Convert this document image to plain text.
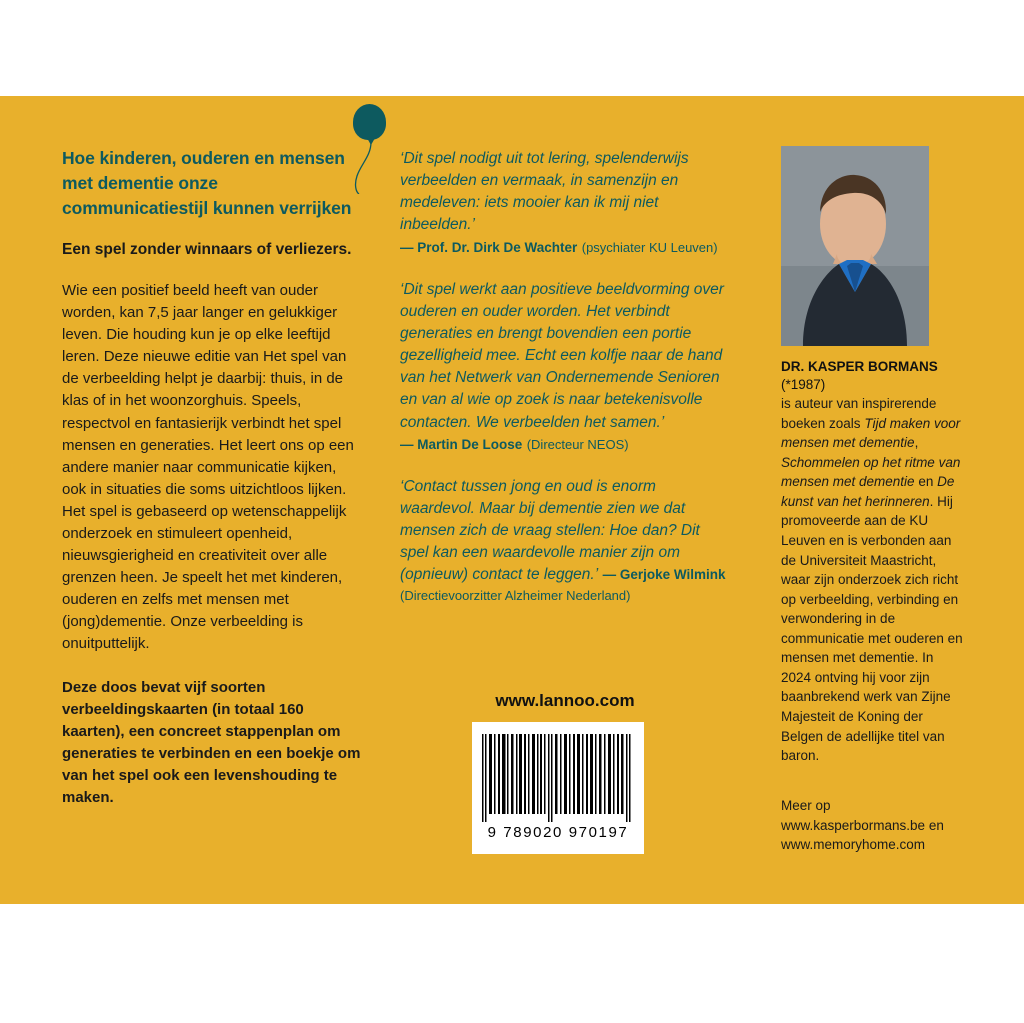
Hoe kinderen, ouderen en mensen met dementie onze communicatiestijl kunnen verrijken

Een spel zonder winnaars of verliezers.

Wie een positief beeld heeft van ouder worden, kan 7,5 jaar langer en gelukkiger leven. Die houding kun je op elke leeftijd leren. Deze nieuwe editie van Het spel van de verbeelding helpt je daarbij: thuis, in de klas of in het woonzorghuis. Speels, respectvol en fantasierijk verbindt het spel mensen en generaties. Het leert ons op een andere manier naar communicatie kijken, ook in situaties die soms uitzichtloos lijken. Het spel is gebaseerd op wetenschappelijk onderzoek en stimuleert openheid, nieuwsgierigheid en creativiteit over alle grenzen heen. Je speelt het met kinderen, ouderen en zelfs met mensen met (jong)dementie. Onze verbeelding is onuitputtelijk.

Deze doos bevat vijf soorten verbeeldingskaarten (in totaal 160 kaarten), een concreet stappenplan om generaties te verbinden en een boekje om van het spel ook een levenshouding te maken.

‘Dit spel nodigt uit tot lering, spelenderwijs verbeelden en vermaak, in samenzijn en medeleven: iets mooier kan ik mij niet inbeelden.’
— Prof. Dr. Dirk De Wachter (psychiater KU Leuven)
‘Dit spel werkt aan positieve beeldvorming over ouderen en ouder worden. Het verbindt generaties en brengt bovendien een portie gezelligheid mee. Echt een kolfje naar de hand van het Netwerk van Ondernemende Senioren en van al wie op zoek is naar betekenisvolle contacten. We verbeelden het samen.’
— Martin De Loose (Directeur NEOS)
‘Contact tussen jong en oud is enorm waardevol. Maar bij dementie zien we dat mensen zich de vraag stellen: Hoe dan? Dit spel kan een waardevolle manier zijn om (opnieuw) contact te leggen.’ — Gerjoke Wilmink
(Directievoorzitter Alzheimer Nederland)
www.lannoo.com
9 789020 970197

DR. KASPER BORMANS (*1987)

is auteur van inspirerende boeken zoals Tijd maken voor mensen met dementie, Schommelen op het ritme van mensen met dementie en De kunst van het herinneren. Hij promoveerde aan de KU Leuven en is verbonden aan de Universiteit Maastricht, waar zijn onderzoek zich richt op verbeelding, verbinding en verwondering in de communicatie met ouderen en mensen met dementie. In 2024 ontving hij voor zijn baanbrekend werk van Zijne Majesteit de Koning der Belgen de adellijke titel van baron.

Meer op
www.kasperbormans.be en
www.memoryhome.com
